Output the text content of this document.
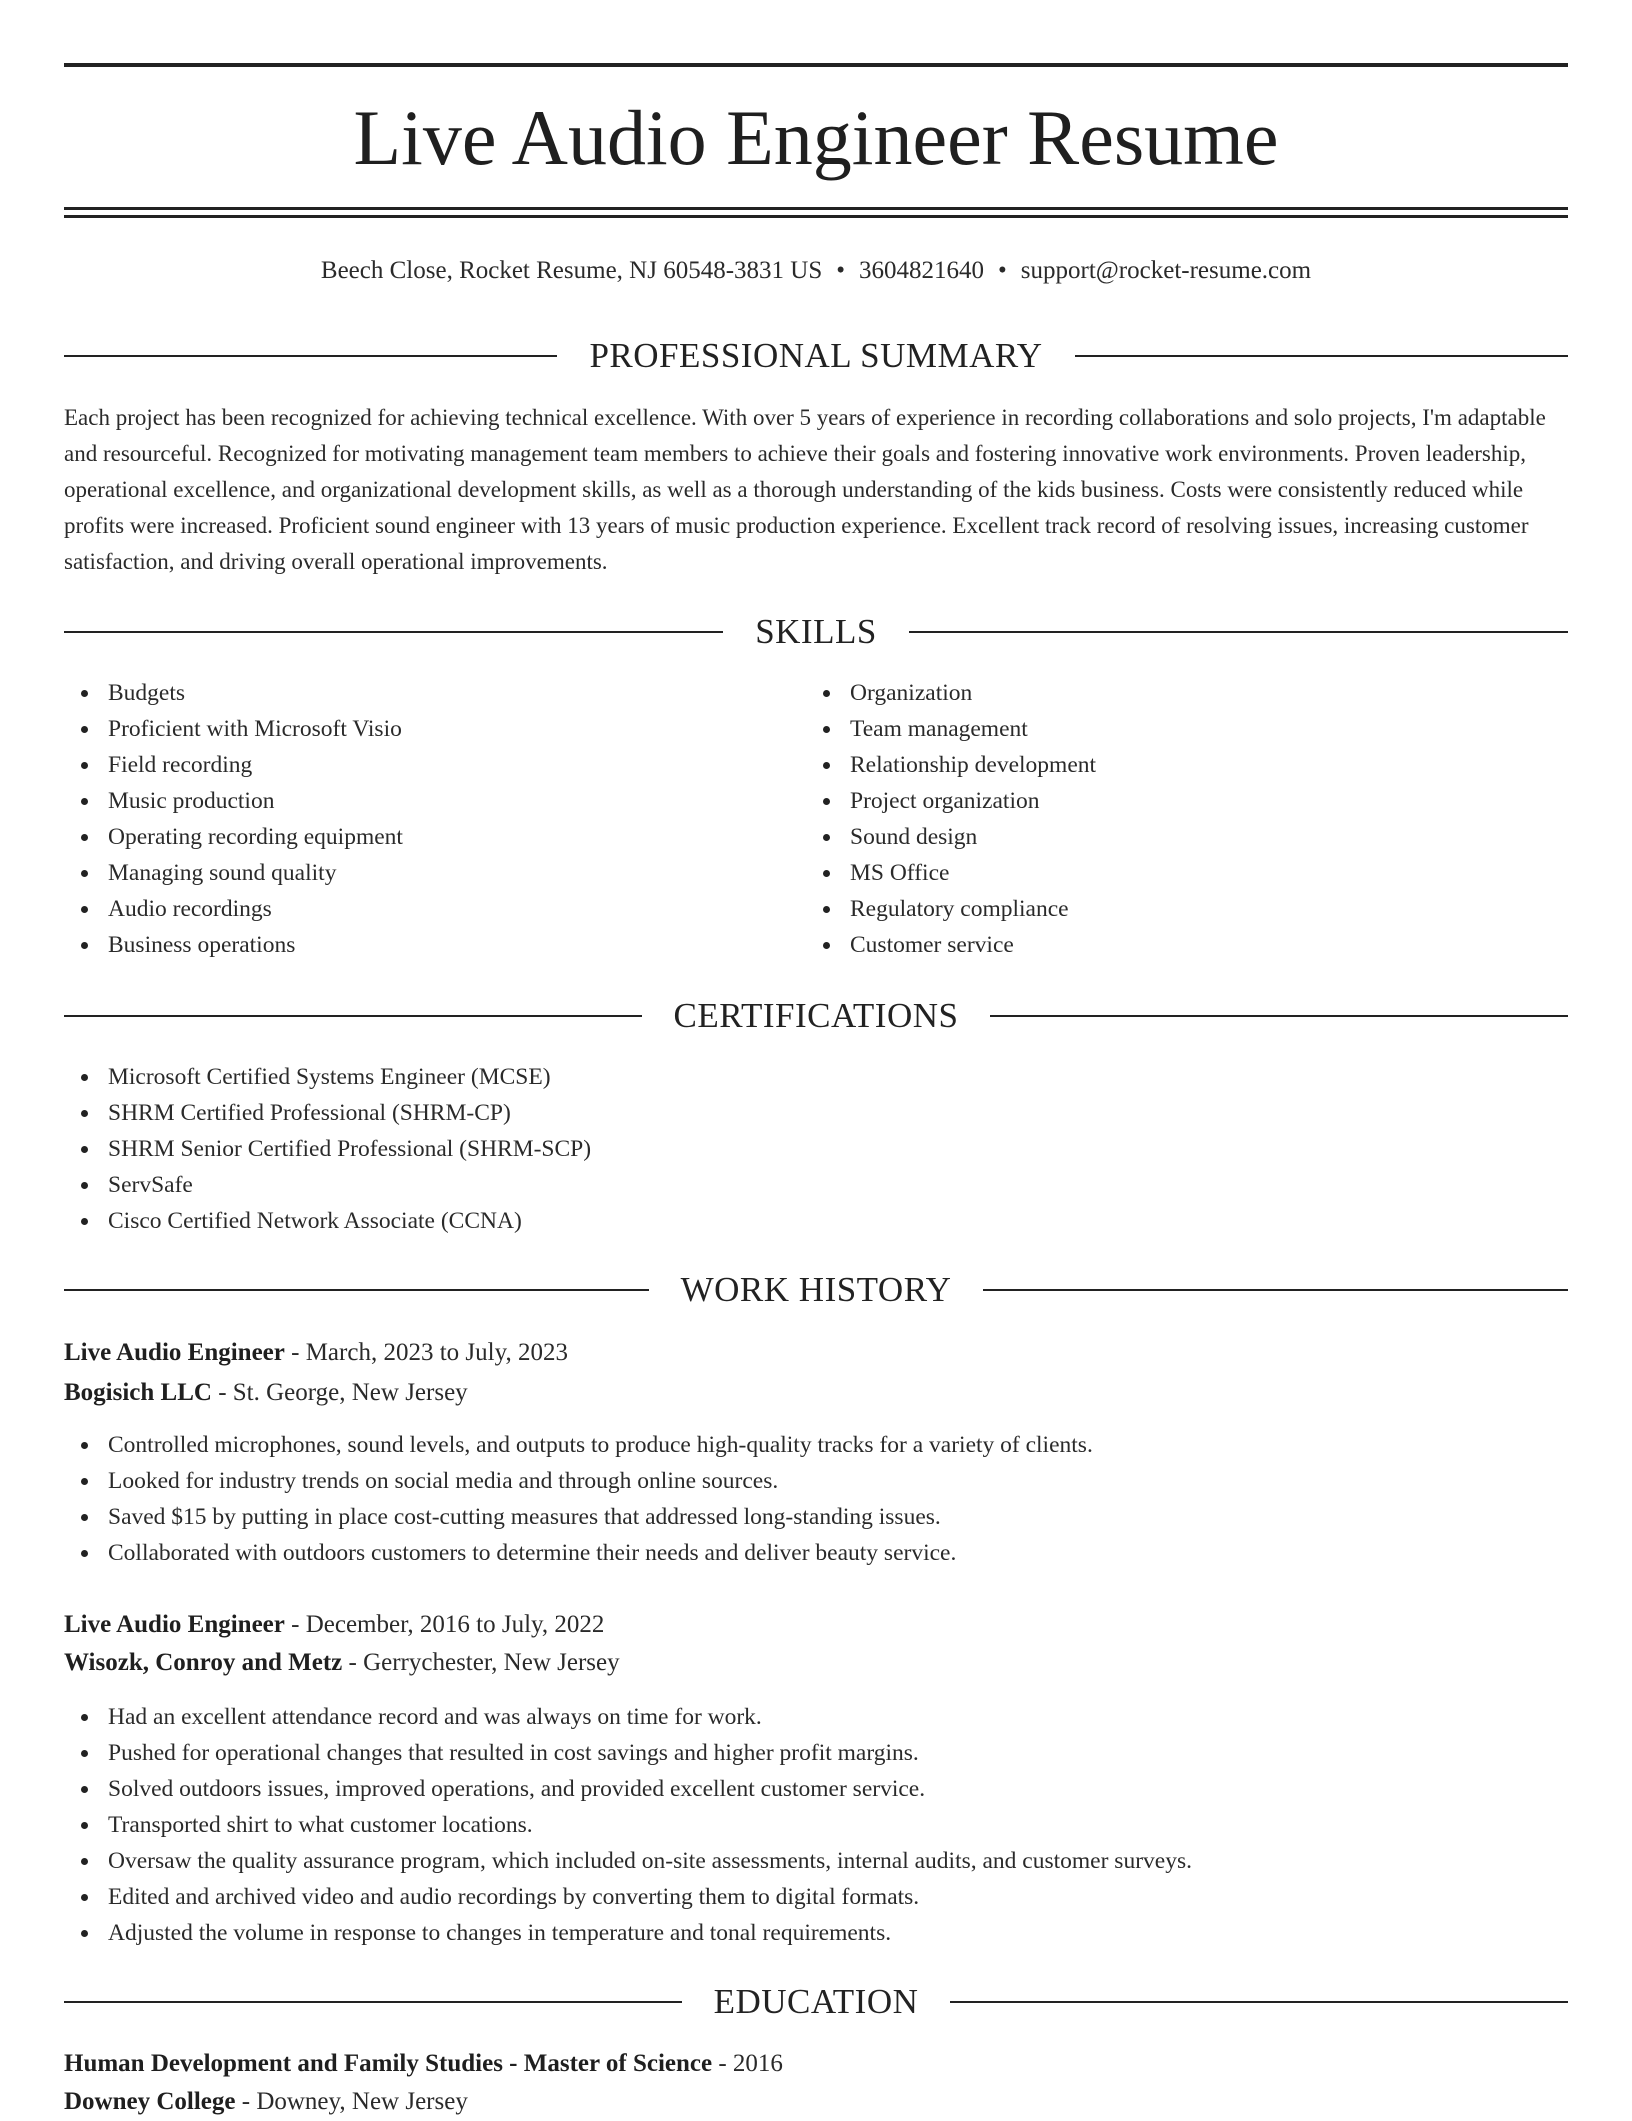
Live Audio Engineer Resume
Beech Close, Rocket Resume, NJ 60548-3831 US • 3604821640 • support@rocket-resume.com
PROFESSIONAL SUMMARY

Each project has been recognized for achieving technical excellence. With over 5 years of experience in recording collaborations and solo projects, I'm adaptable and resourceful. Recognized for motivating management team members to achieve their goals and fostering innovative work environments. Proven leadership, operational excellence, and organizational development skills, as well as a thorough understanding of the kids business. Costs were consistently reduced while profits were increased. Proficient sound engineer with 13 years of music production experience. Excellent track record of resolving issues, increasing customer satisfaction, and driving overall operational improvements.

SKILLS
Budgets
Proficient with Microsoft Visio
Field recording
Music production
Operating recording equipment
Managing sound quality
Audio recordings
Business operations
Organization
Team management
Relationship development
Project organization
Sound design
MS Office
Regulatory compliance
Customer service
CERTIFICATIONS
Microsoft Certified Systems Engineer (MCSE)
SHRM Certified Professional (SHRM-CP)
SHRM Senior Certified Professional (SHRM-SCP)
ServSafe
Cisco Certified Network Associate (CCNA)
WORK HISTORY
Live Audio Engineer - March, 2023 to July, 2023
Bogisich LLC - St. George, New Jersey
Controlled microphones, sound levels, and outputs to produce high-quality tracks for a variety of clients.
Looked for industry trends on social media and through online sources.
Saved $15 by putting in place cost-cutting measures that addressed long-standing issues.
Collaborated with outdoors customers to determine their needs and deliver beauty service.
Live Audio Engineer - December, 2016 to July, 2022
Wisozk, Conroy and Metz - Gerrychester, New Jersey
Had an excellent attendance record and was always on time for work.
Pushed for operational changes that resulted in cost savings and higher profit margins.
Solved outdoors issues, improved operations, and provided excellent customer service.
Transported shirt to what customer locations.
Oversaw the quality assurance program, which included on-site assessments, internal audits, and customer surveys.
Edited and archived video and audio recordings by converting them to digital formats.
Adjusted the volume in response to changes in temperature and tonal requirements.
EDUCATION
Human Development and Family Studies - Master of Science - 2016
Downey College - Downey, New Jersey
